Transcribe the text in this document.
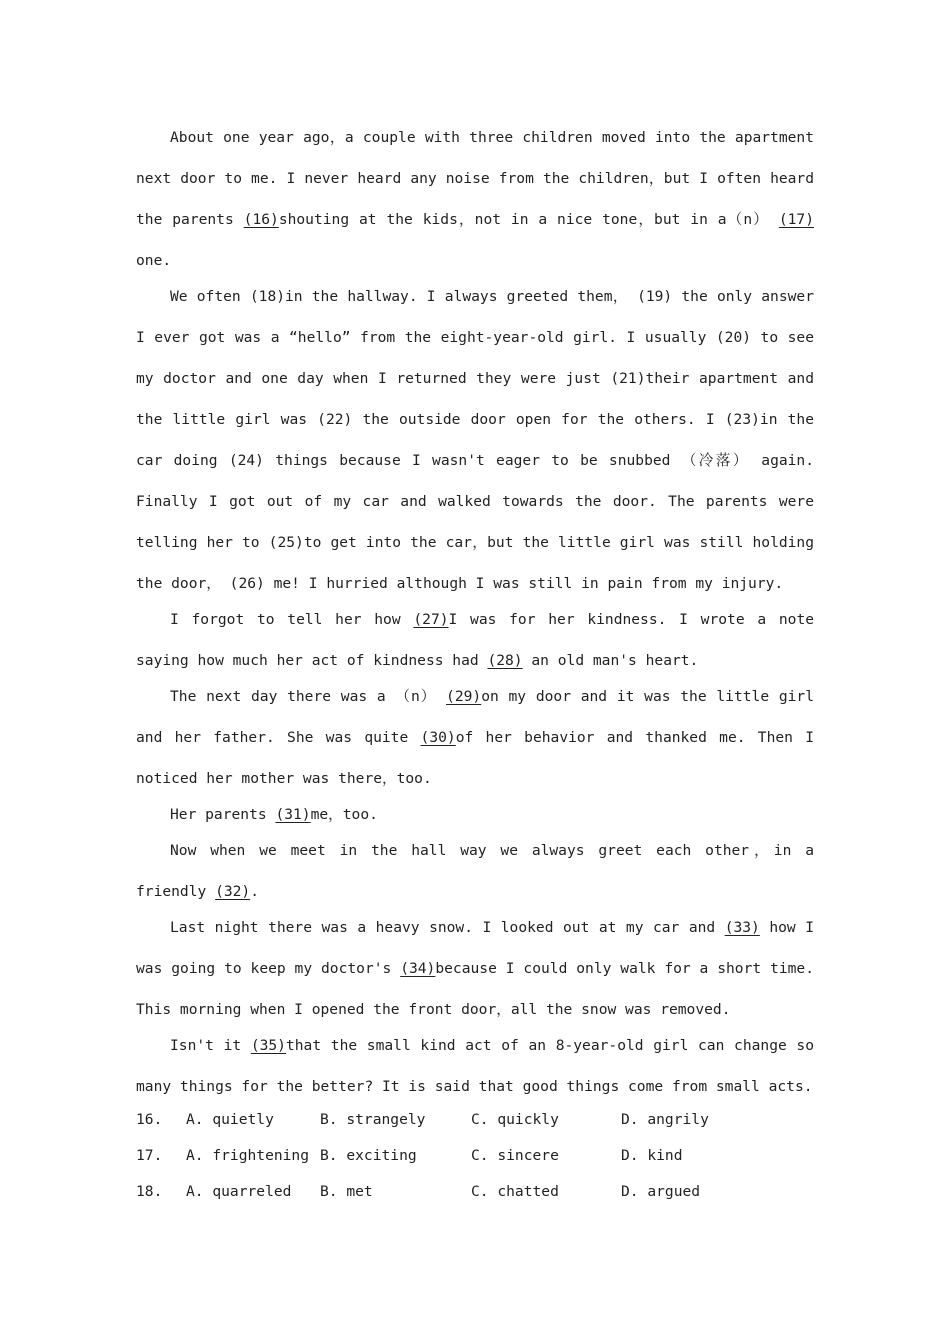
About one year ago，a couple with three children moved into the apartment next door to me. I never heard any noise from the children，but I often heard the parents (16)shouting at the kids，not in a nice tone，but in a（n） (17) one.

We often (18)in the hallway. I always greeted them， (19) the only answer I ever got was a “hello” from the eight-year-old girl. I usually (20) to see my doctor and one day when I returned they were just (21)their apartment and the little girl was (22) the outside door open for the others. I (23)in the car doing (24) things because I wasn't eager to be snubbed （冷落） again. Finally I got out of my car and walked towards the door. The parents were telling her to (25)to get into the car，but the little girl was still holding the door， (26) me! I hurried although I was still in pain from my injury.

I forgot to tell her how (27)I was for her kindness. I wrote a note saying how much her act of kindness had (28) an old man's heart.

The next day there was a （n） (29)on my door and it was the little girl and her father. She was quite (30)of her behavior and thanked me. Then I noticed her mother was there，too.

Her parents (31)me，too.

Now when we meet in the hall way we always greet each other，in a friendly (32).

Last night there was a heavy snow. I looked out at my car and (33) how I was going to keep my doctor's (34)because I could only walk for a short time. This morning when I opened the front door，all the snow was removed.

Isn't it (35)that the small kind act of an 8-year-old girl can change so many things for the better? It is said that good things come from small acts.

16.	A. quietly	B. strangely	C. quickly	D. angrily
17.	A. frightening B. exciting	C. sincere	D. kind
18.	A. quarreled	B. met	C. chatted	D. argued
